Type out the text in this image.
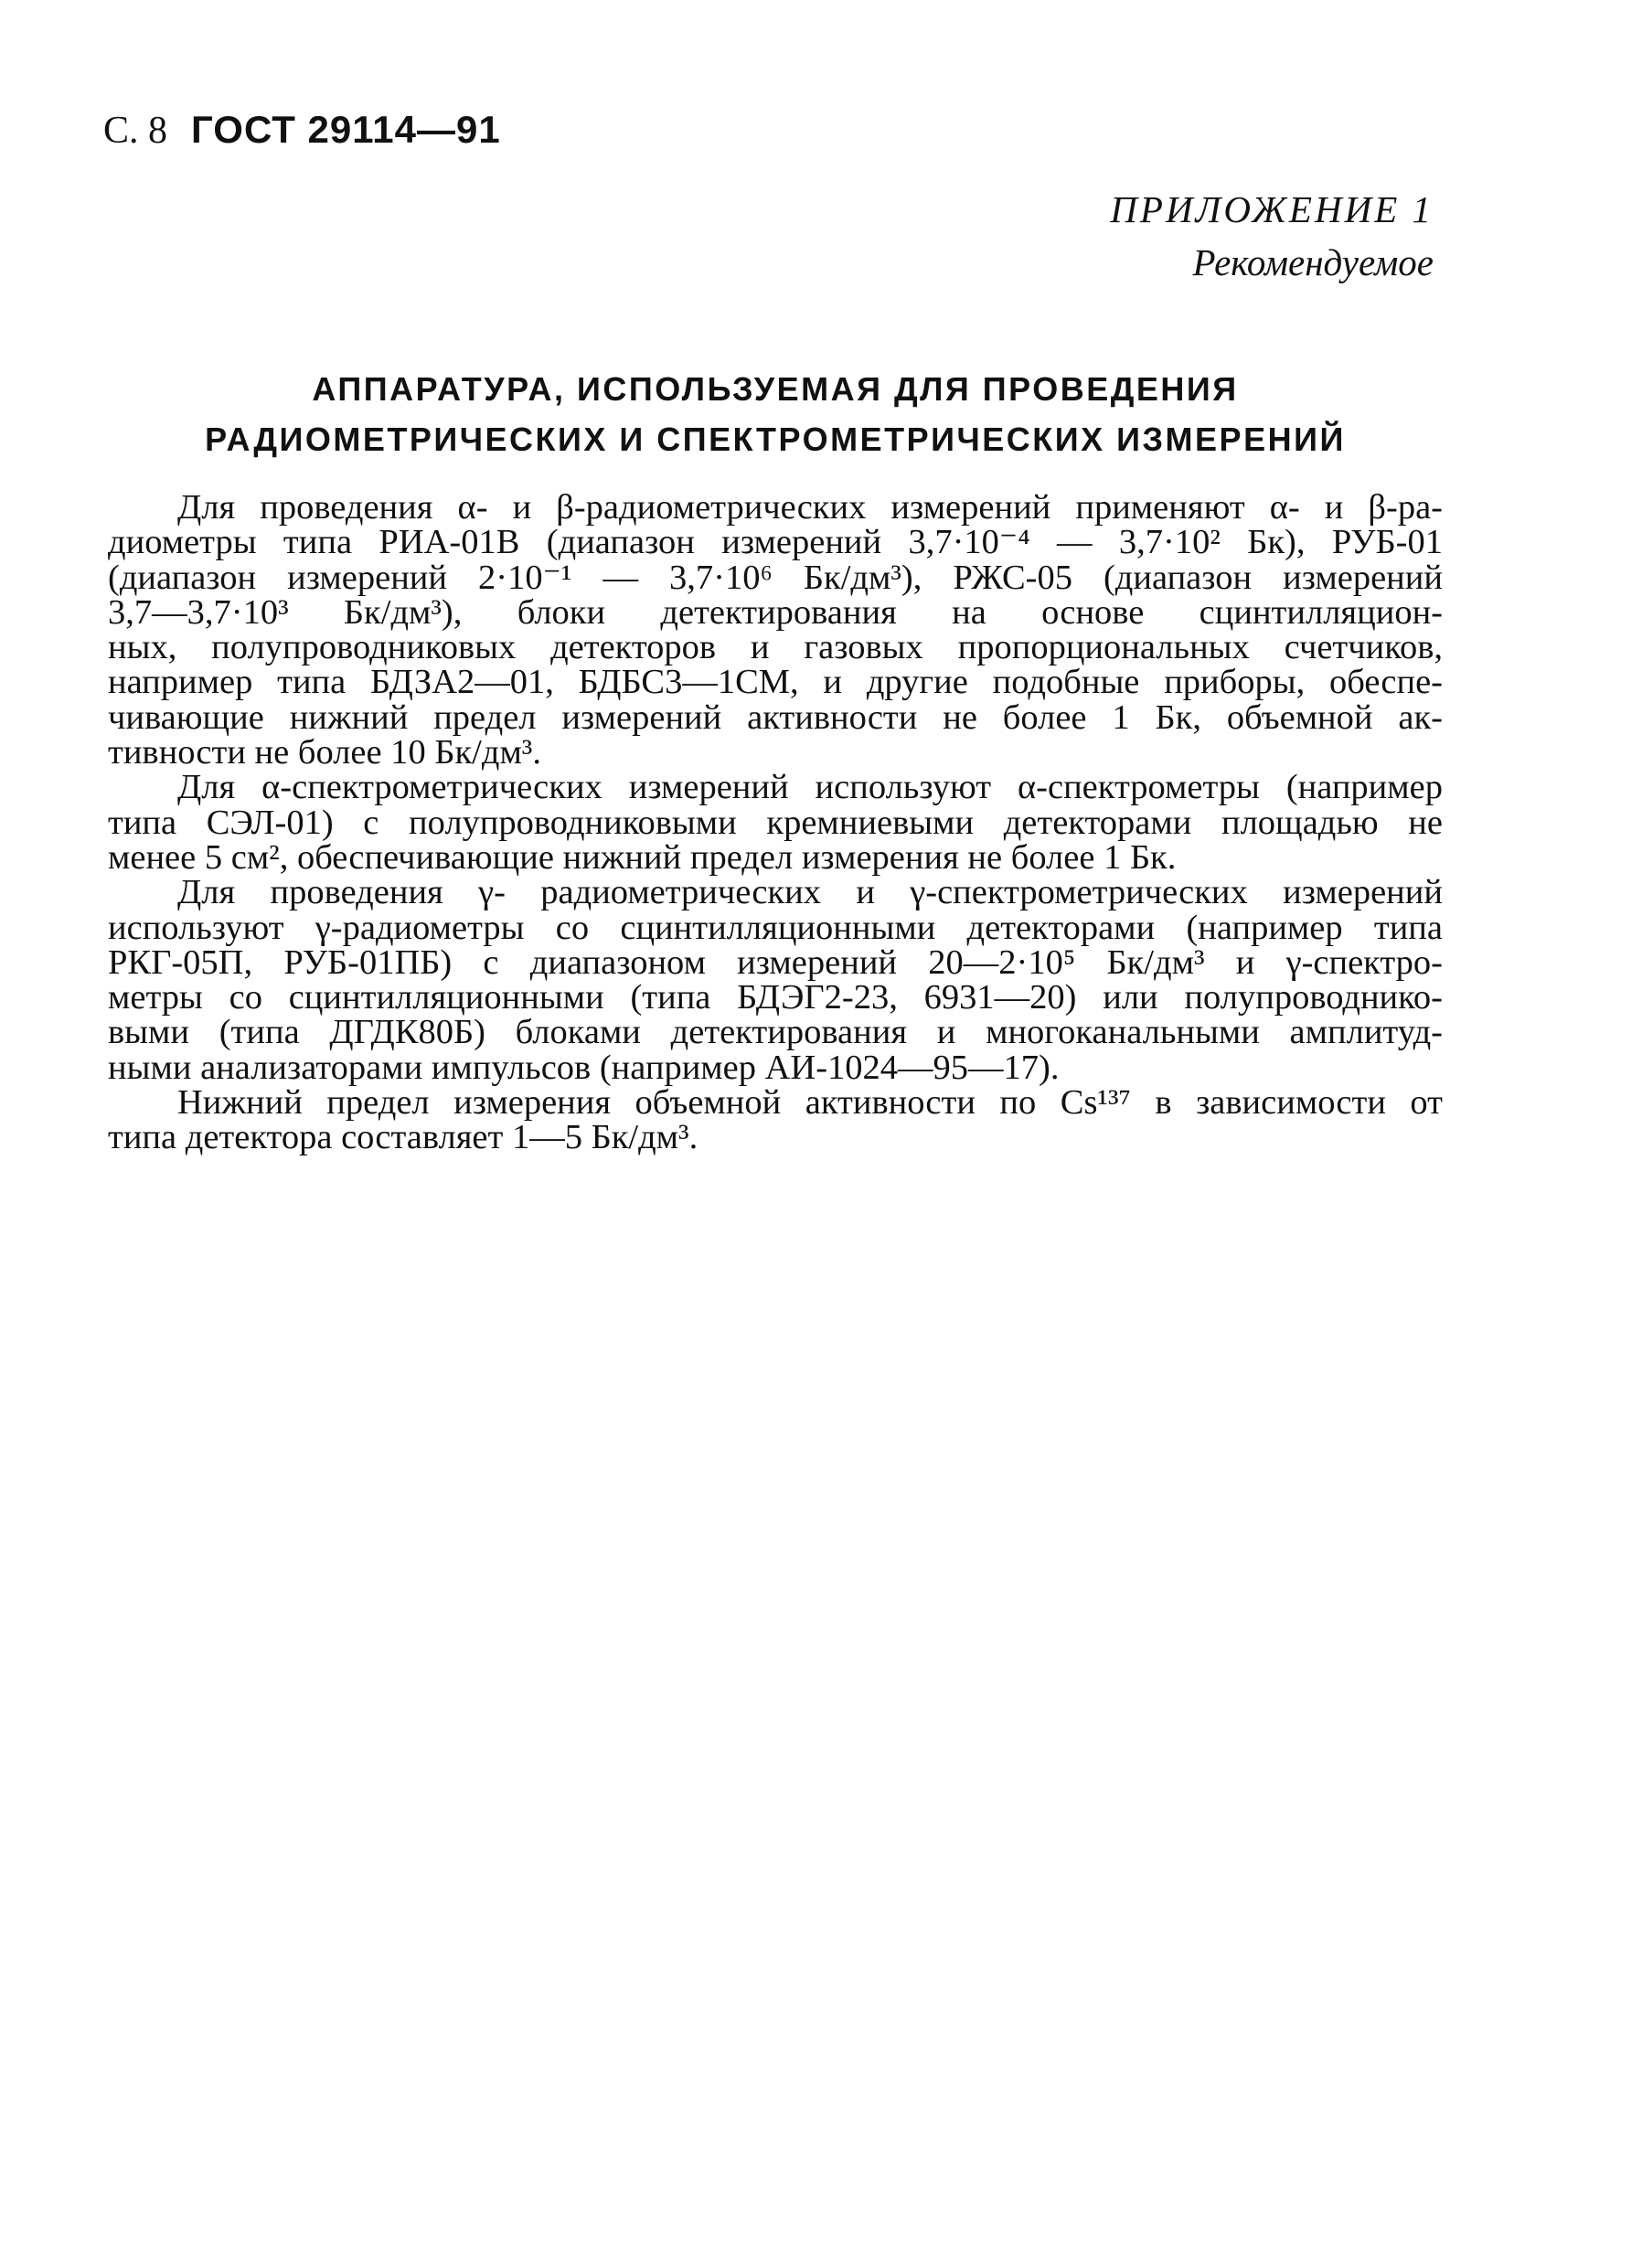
С. 8 ГОСТ 29114—91
ПРИЛОЖЕНИЕ 1
Рекомендуемое
АППАРАТУРА, ИСПОЛЬЗУЕМАЯ ДЛЯ ПРОВЕДЕНИЯ
РАДИОМЕТРИЧЕСКИХ И СПЕКТРОМЕТРИЧЕСКИХ ИЗМЕРЕНИЙ

Для проведения α- и β-радиометрических измерений применяют α- и β-ра-
диометры типа РИА-01В (диапазон измерений 3,7·10⁻⁴ — 3,7·10² Бк), РУБ-01
(диапазон измерений 2·10⁻¹ — 3,7·10⁶ Бк/дм³), РЖС-05 (диапазон измерений
3,7—3,7·10³ Бк/дм³), блоки детектирования на основе сцинтилляцион-
ных, полупроводниковых детекторов и газовых пропорциональных счетчиков,
например типа БДЗА2—01, БДБС3—1СМ, и другие подобные приборы, обеспе-
чивающие нижний предел измерений активности не более 1 Бк, объемной ак-
тивности не более 10 Бк/дм³.

Для α-спектрометрических измерений используют α-спектрометры (например
типа СЭЛ-01) с полупроводниковыми кремниевыми детекторами площадью не
менее 5 см², обеспечивающие нижний предел измерения не более 1 Бк.

Для проведения γ- радиометрических и γ-спектрометрических измерений
используют γ-радиометры со сцинтилляционными детекторами (например типа
РКГ-05П, РУБ-01ПБ) с диапазоном измерений 20—2·10⁵ Бк/дм³ и γ-спектро-
метры со сцинтилляционными (типа БДЭГ2-23, 6931—20) или полупроводнико-
выми (типа ДГДК80Б) блоками детектирования и многоканальными амплитуд-
ными анализаторами импульсов (например АИ-1024—95—17).

Нижний предел измерения объемной активности по Cs¹³⁷ в зависимости от
типа детектора составляет 1—5 Бк/дм³.
